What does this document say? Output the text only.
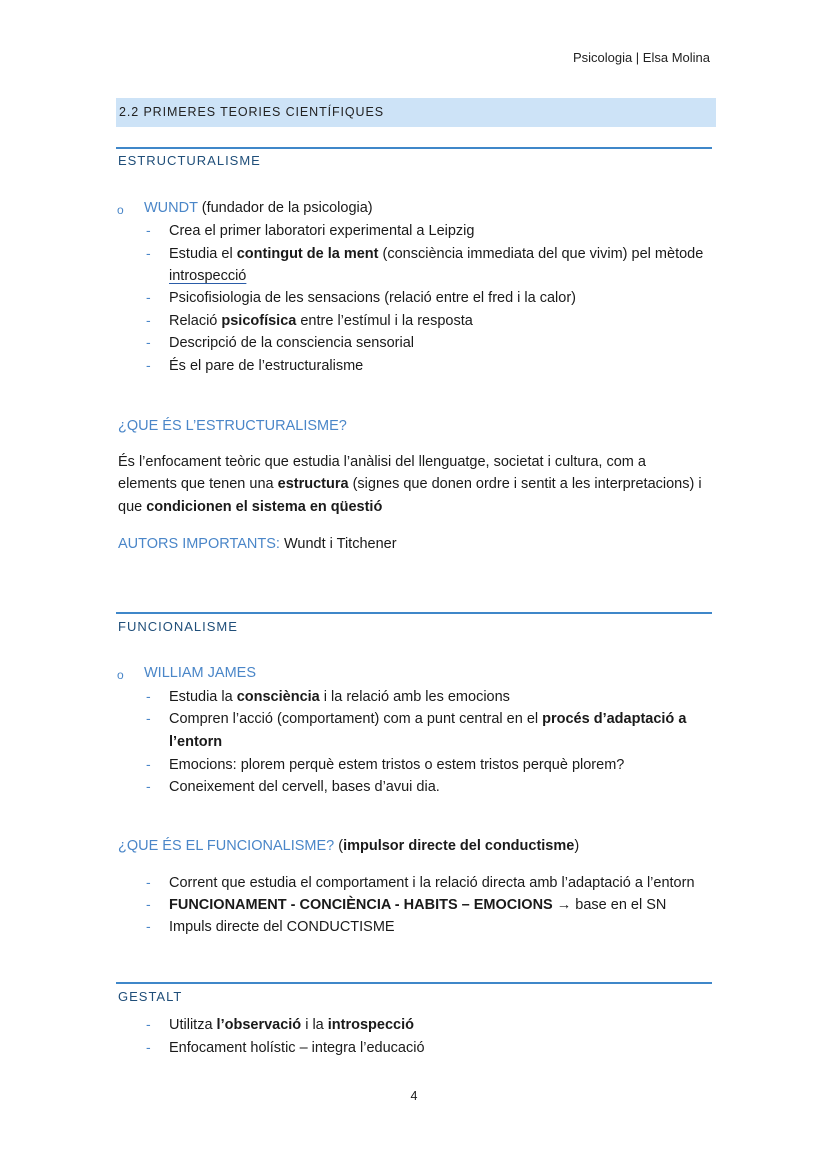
Psicologia | Elsa Molina
2.2 PRIMERES TEORIES CIENTÍFIQUES
ESTRUCTURALISME
o WUNDT (fundador de la psicologia)
- Crea el primer laboratori experimental a Leipzig
- Estudia el contingut de la ment (consciència immediata del que vivim) pel mètode
introspecció
- Psicofisiologia de les sensacions (relació entre el fred i la calor)
- Relació psicofísica entre l’estímul i la resposta
- Descripció de la consciencia sensorial
- És el pare de l’estructuralisme
¿QUE ÉS L’ESTRUCTURALISME?
És l’enfocament teòric que estudia l’anàlisi del llenguatge, societat i cultura, com a
elements que tenen una estructura (signes que donen ordre i sentit a les interpretacions) i
que condicionen el sistema en qüestió
AUTORS IMPORTANTS: Wundt i Titchener
FUNCIONALISME
o WILLIAM JAMES
- Estudia la consciència i la relació amb les emocions
- Compren l’acció (comportament) com a punt central en el procés d’adaptació a
l’entorn
- Emocions: plorem perquè estem tristos o estem tristos perquè plorem?
- Coneixement del cervell, bases d’avui dia.
¿QUE ÉS EL FUNCIONALISME? (impulsor directe del conductisme)
- Corrent que estudia el comportament i la relació directa amb l’adaptació a l’entorn
- FUNCIONAMENT - CONCIÈNCIA - HABITS – EMOCIONS → base en el SN
- Impuls directe del CONDUCTISME
GESTALT
- Utilitza l’observació i la introspecció
- Enfocament holístic – integra l’educació
4
